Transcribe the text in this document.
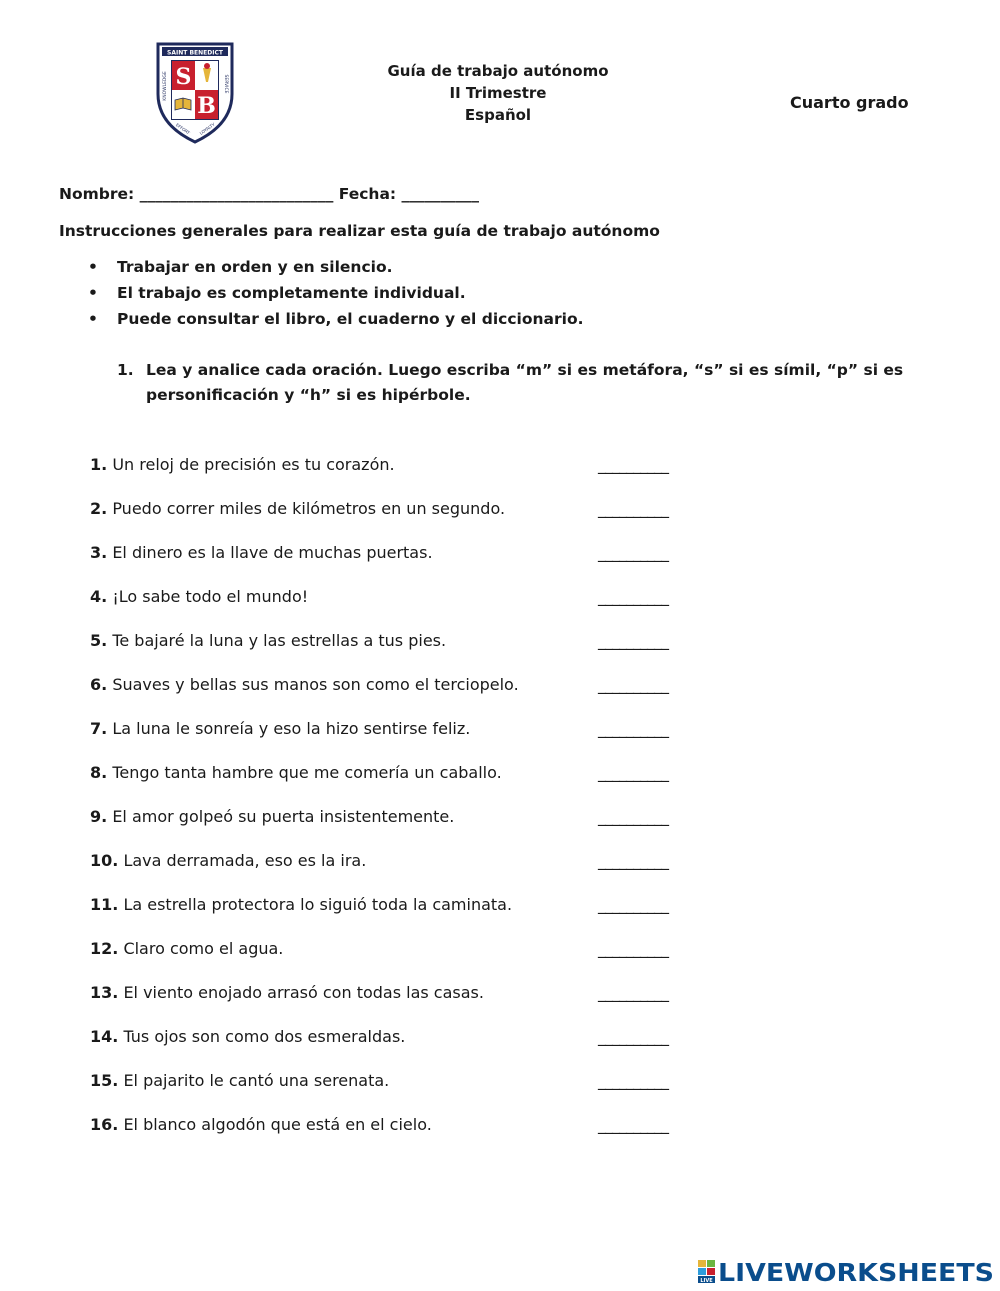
SAINT BENEDICT
KNOWLEDGE	SERVICE
EFFORT LOYALTY
S
B
Guía de trabajo autónomo
II Trimestre
Español
Cuarto grado
Nombre: _________________________ Fecha: __________
Instrucciones generales para realizar esta guía de trabajo autónomo
• Trabajar en orden y en silencio.
• El trabajo es completamente individual.
• Puede consultar el libro, el cuaderno y el diccionario.
1. Lea y analice cada oración. Luego escriba “m” si es metáfora, “s” si es símil, “p” si es personificación y “h” si es hipérbole.
1. Un reloj de precisión es tu corazón.	__________
2. Puedo correr miles de kilómetros en un segundo.	__________
3. El dinero es la llave de muchas puertas.	__________
4. ¡Lo sabe todo el mundo!	__________
5. Te bajaré la luna y las estrellas a tus pies.	__________
6. Suaves y bellas sus manos son como el terciopelo.	__________
7. La luna le sonreía y eso la hizo sentirse feliz.	__________
8. Tengo tanta hambre que me comería un caballo.	__________
9. El amor golpeó su puerta insistentemente.	__________
10. Lava derramada, eso es la ira.	__________
11. La estrella protectora lo siguió toda la caminata.	__________
12. Claro como el agua.	__________
13. El viento enojado arrasó con todas las casas.	__________
14. Tus ojos son como dos esmeraldas.	__________
15. El pajarito le cantó una serenata.	__________
16. El blanco algodón que está en el cielo.	__________
LIVE LIVEWORKSHEETS
